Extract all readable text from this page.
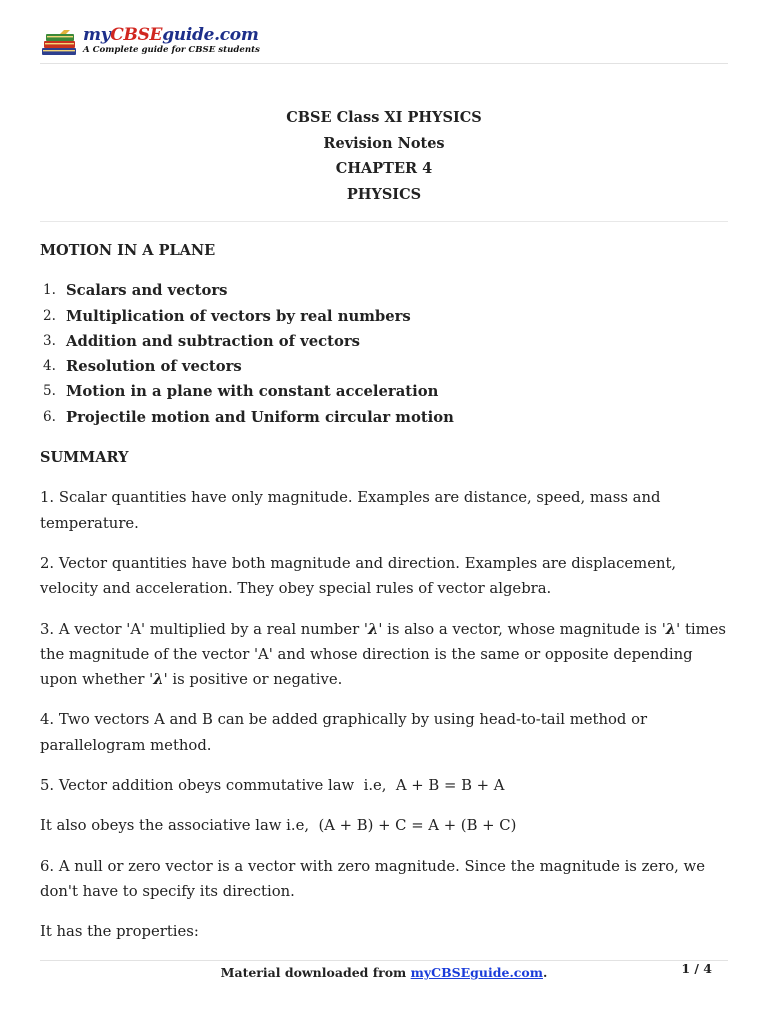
myCBSEguide.com
A Complete guide for CBSE students
CBSE Class XI PHYSICS
Revision Notes
CHAPTER 4
PHYSICS
MOTION IN A PLANE
1. Scalars and vectors
2. Multiplication of vectors by real numbers
3. Addition and subtraction of vectors
4. Resolution of vectors
5. Motion in a plane with constant acceleration
6. Projectile motion and Uniform circular motion
SUMMARY

1. Scalar quantities have only magnitude. Examples are distance, speed, mass and temperature.

2. Vector quantities have both magnitude and direction. Examples are displacement, velocity and acceleration. They obey special rules of vector algebra.

3. A vector 'A' multiplied by a real number 'λ' is also a vector, whose magnitude is 'λ' times the magnitude of the vector 'A' and whose direction is the same or opposite depending upon whether 'λ' is positive or negative.

4. Two vectors A and B can be added graphically by using head-to-tail method or parallelogram method.

5. Vector addition obeys commutative law  i.e,  A + B = B + A

It also obeys the associative law i.e,  (A + B) + C = A + (B + C)

6. A null or zero vector is a vector with zero magnitude. Since the magnitude is zero, we don't have to specify its direction.

It has the properties:

Material downloaded from myCBSEguide.com.	1 / 4
